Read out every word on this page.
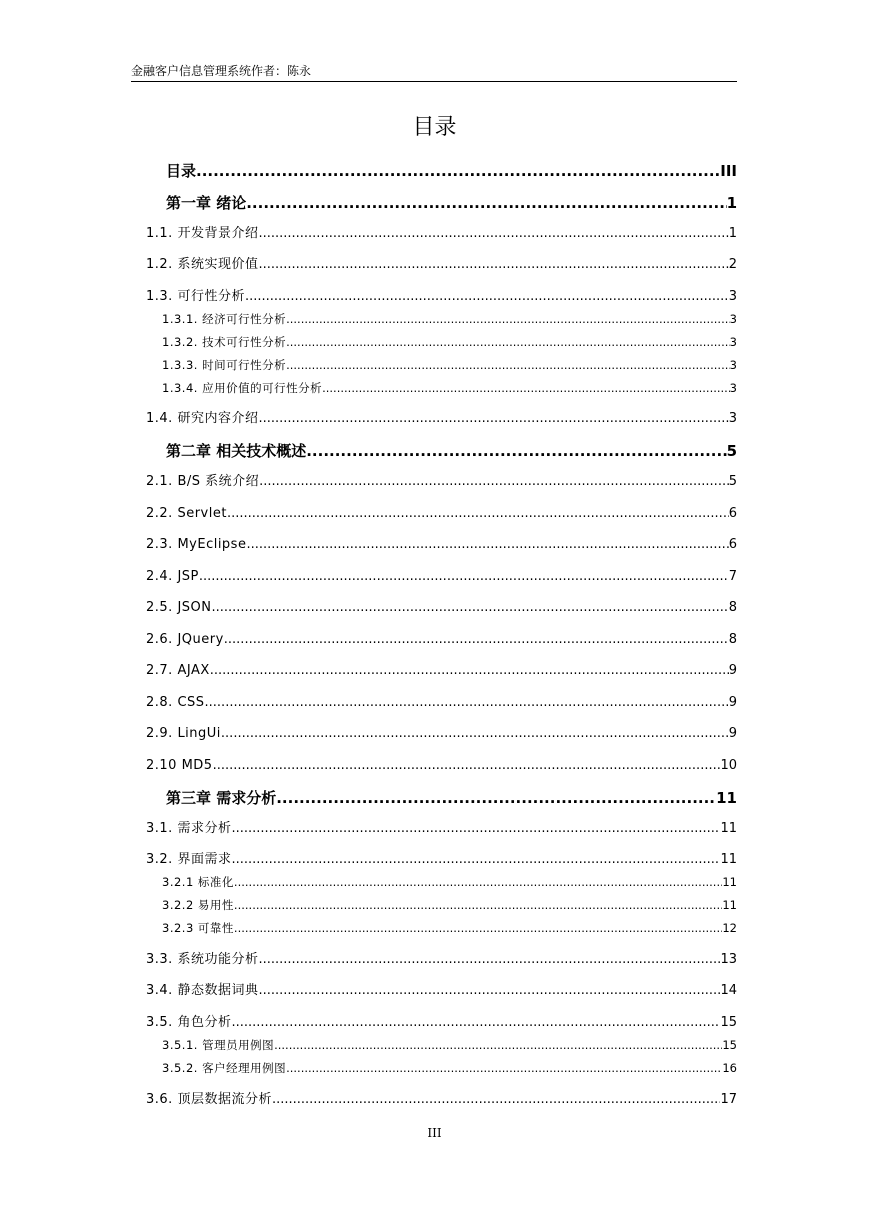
金融客户信息管理系统作者：陈永
目录
目录 .....	III
第一章 绪论 .....	1
1.1. 开发背景介绍 .....	1
1.2. 系统实现价值 .....	2
1.3. 可行性分析 .....	3
1.3.1. 经济可行性分析 .....	3
1.3.2. 技术可行性分析 .....	3
1.3.3. 时间可行性分析 .....	3
1.3.4. 应用价值的可行性分析 .....	3
1.4. 研究内容介绍 .....	3
第二章 相关技术概述 .....	5
2.1. B/S 系统介绍 .....	5
2.2. Servlet .....	6
2.3. MyEclipse .....	6
2.4. JSP .....	7
2.5. JSON .....	8
2.6. JQuery .....	8
2.7. AJAX .....	9
2.8. CSS .....	9
2.9. LingUi .....	9
2.10 MD5 .....	10
第三章 需求分析 .....	11
3.1. 需求分析 .....	11
3.2. 界面需求 .....	11
3.2.1 标准化 .....	11
3.2.2 易用性 .....	11
3.2.3 可靠性 .....	12
3.3. 系统功能分析 .....	13
3.4. 静态数据词典 .....	14
3.5. 角色分析 .....	15
3.5.1. 管理员用例图 .....	15
3.5.2. 客户经理用例图 .....	16
3.6. 顶层数据流分析 .....	17
III
